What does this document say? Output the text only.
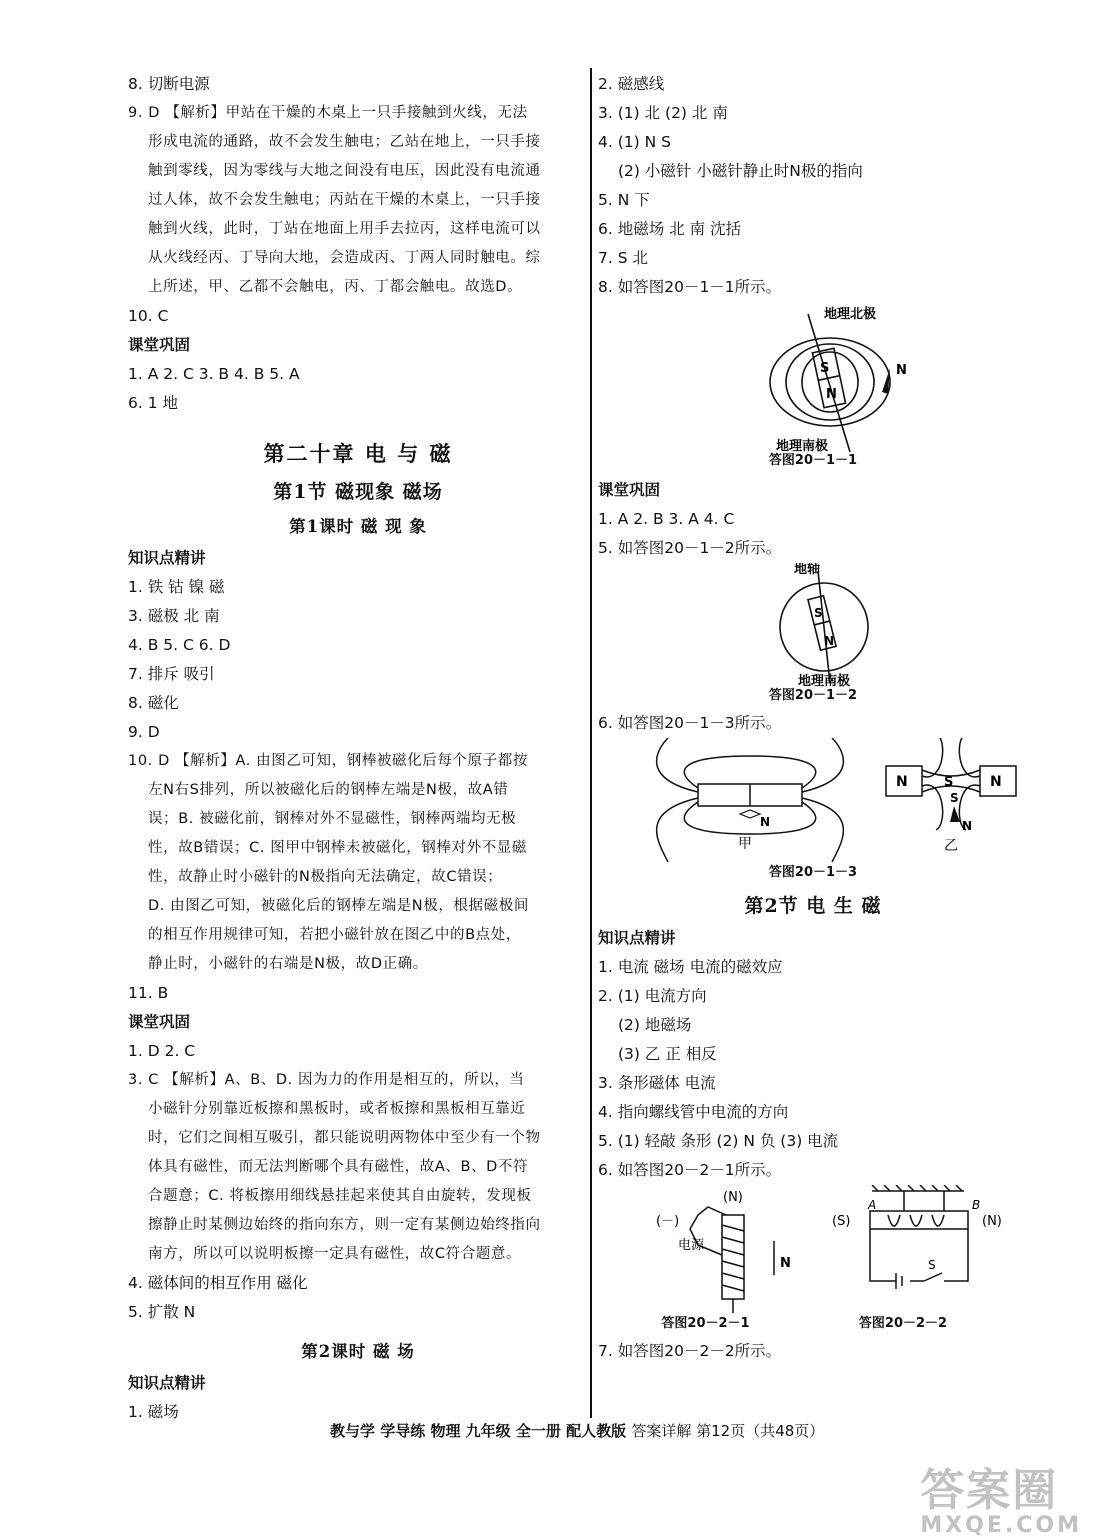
8. 切断电源
9. D 【解析】甲站在干燥的木桌上一只手接触到火线，无法
形成电流的通路，故不会发生触电；乙站在地上，一只手接
触到零线，因为零线与大地之间没有电压，因此没有电流通
过人体，故不会发生触电；丙站在干燥的木桌上，一只手接
触到火线，此时，丁站在地面上用手去拉丙，这样电流可以
从火线经丙、丁导向大地，会造成丙、丁两人同时触电。综
上所述，甲、乙都不会触电，丙、丁都会触电。故选D。
10. C
课堂巩固
1. A 2. C 3. B 4. B 5. A
6. 1 地
第二十章 电 与 磁
第1节 磁现象 磁场
第1课时 磁 现 象
知识点精讲
1. 铁 钴 镍 磁
3. 磁极 北 南
4. B 5. C 6. D
7. 排斥 吸引
8. 磁化
9. D
10. D 【解析】A. 由图乙可知，钢棒被磁化后每个原子都按
左N右S排列，所以被磁化后的钢棒左端是N极，故A错
误；B. 被磁化前，钢棒对外不显磁性，钢棒两端均无极
性，故B错误；C. 图甲中钢棒未被磁化，钢棒对外不显磁
性，故静止时小磁针的N极指向无法确定，故C错误；
D. 由图乙可知，被磁化后的钢棒左端是N极，根据磁极间
的相互作用规律可知，若把小磁针放在图乙中的B点处，
静止时，小磁针的右端是N极，故D正确。
11. B
课堂巩固
1. D 2. C
3. C 【解析】A、B、D. 因为力的作用是相互的，所以，当
小磁针分别靠近板擦和黑板时，或者板擦和黑板相互靠近
时，它们之间相互吸引，都只能说明两物体中至少有一个物
体具有磁性，而无法判断哪个具有磁性，故A、B、D不符
合题意；C. 将板擦用细线悬挂起来使其自由旋转，发现板
擦静止时某侧边始终的指向东方，则一定有某侧边始终指向
南方，所以可以说明板擦一定具有磁性，故C符合题意。
4. 磁体间的相互作用 磁化
5. 扩散 N
第2课时 磁 场
知识点精讲
1. 磁场
2. 磁感线
3. (1) 北 (2) 北 南
4. (1) N S
(2) 小磁针 小磁针静止时N极的指向
5. N 下
6. 地磁场 北 南 沈括
7. S 北
8. 如答图20－1－1所示。
地理北极
地理南极
S
N
N
答图20－1－1
课堂巩固
1. A 2. B 3. A 4. C
5. 如答图20－1－2所示。
地轴
S
N
地理南极
答图20－1－2
6. 如答图20－1－3所示。
N
甲
N	N
S
S
N
乙
答图20－1－3
第2节 电 生 磁
知识点精讲
1. 电流 磁场 电流的磁效应
2. (1) 电流方向
(2) 地磁场
(3) 乙 正 相反
3. 条形磁体 电流
4. 指向螺线管中电流的方向
5. (1) 轻敲 条形 (2) N 负 (3) 电流
6. 如答图20－2－1所示。
(N)
(－)
电源
N
A	B
(S)	(N)
S
答图20－2－1	答图20－2－2
7. 如答图20－2－2所示。
教与学 学导练 物理 九年级 全一册 配人教版 答案详解 第12页（共48页）
答案圈
MXQE.COM
